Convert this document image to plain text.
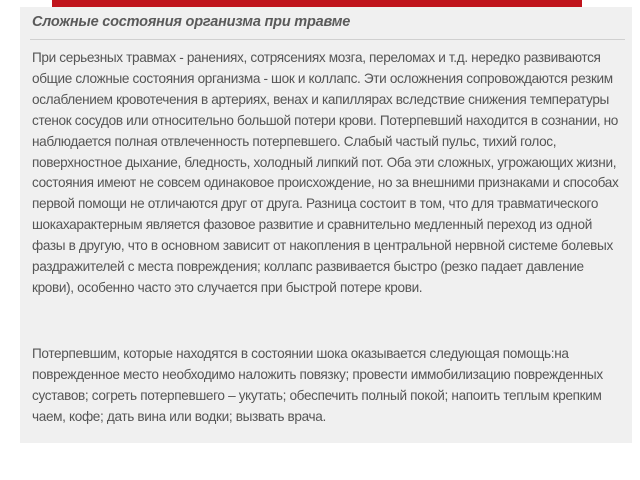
Сложные состояния организма при травме

При серьезных травмах - ранениях, сотрясениях мозга, переломах и т.д. нередко развиваются общие сложные состояния организма - шок и коллапс. Эти осложнения сопровождаются резким ослаблением кровотечения в артериях, венах и капиллярах вследствие снижения температуры стенок сосудов или относительно большой потери крови. Потерпевший находится в сознании, но наблюдается полная отвлеченность потерпевшего. Слабый частый пульс, тихий голос, поверхностное дыхание, бледность, холодный липкий пот. Оба эти сложных, угрожающих жизни, состояния имеют не совсем одинаковое происхождение, но за внешними признаками и способах первой помощи не отличаются друг от друга. Разница состоит в том, что для травматического шокахарактерным является фазовое развитие и сравнительно медленный переход из одной фазы в другую, что в основном зависит от накопления в центральной нервной системе болевых раздражителей с места повреждения; коллапс развивается быстро (резко падает давление крови), особенно часто это случается при быстрой потере крови.

Потерпевшим, которые находятся в состоянии шока оказывается следующая помощь:на поврежденное место необходимо наложить повязку; провести иммобилизацию поврежденных суставов; согреть потерпевшего – укутать; обеспечить полный покой; напоить теплым крепким чаем, кофе; дать вина или водки; вызвать врача.
